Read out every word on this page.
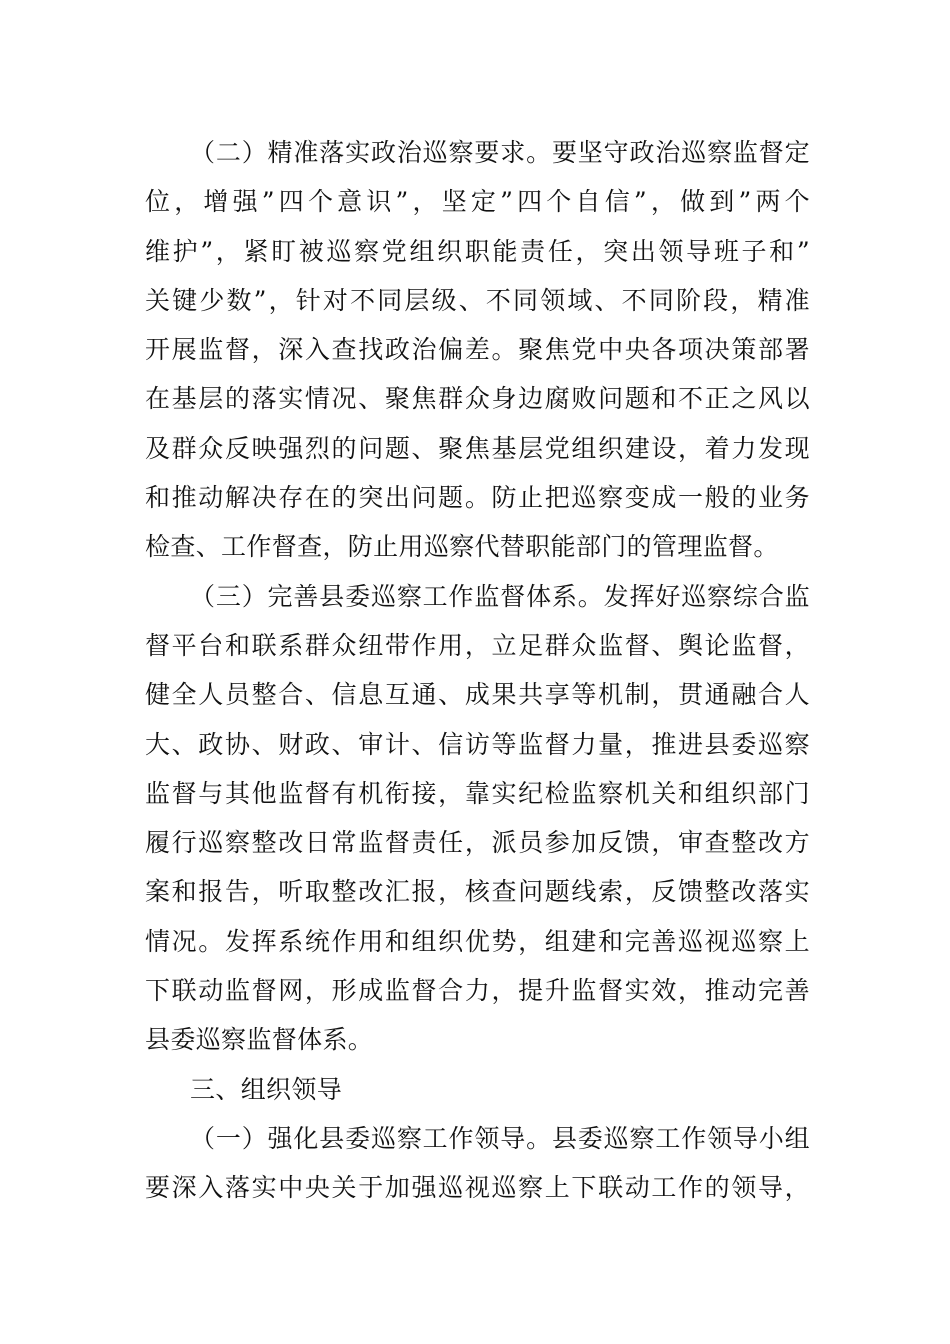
（二）精准落实政治巡察要求。要坚守政治巡察监督定
位，增强”四个意识”，坚定”四个自信”，做到”两个
维护”，紧盯被巡察党组织职能责任，突出领导班子和”
关键少数”，针对不同层级、不同领域、不同阶段，精准
开展监督，深入查找政治偏差。聚焦党中央各项决策部署
在基层的落实情况、聚焦群众身边腐败问题和不正之风以
及群众反映强烈的问题、聚焦基层党组织建设，着力发现
和推动解决存在的突出问题。防止把巡察变成一般的业务
检查、工作督查，防止用巡察代替职能部门的管理监督。
（三）完善县委巡察工作监督体系。发挥好巡察综合监
督平台和联系群众纽带作用，立足群众监督、舆论监督，
健全人员整合、信息互通、成果共享等机制，贯通融合人
大、政协、财政、审计、信访等监督力量，推进县委巡察
监督与其他监督有机衔接，靠实纪检监察机关和组织部门
履行巡察整改日常监督责任，派员参加反馈，审查整改方
案和报告，听取整改汇报，核查问题线索，反馈整改落实
情况。发挥系统作用和组织优势，组建和完善巡视巡察上
下联动监督网，形成监督合力，提升监督实效，推动完善
县委巡察监督体系。
三、组织领导
（一）强化县委巡察工作领导。县委巡察工作领导小组
要深入落实中央关于加强巡视巡察上下联动工作的领导，
